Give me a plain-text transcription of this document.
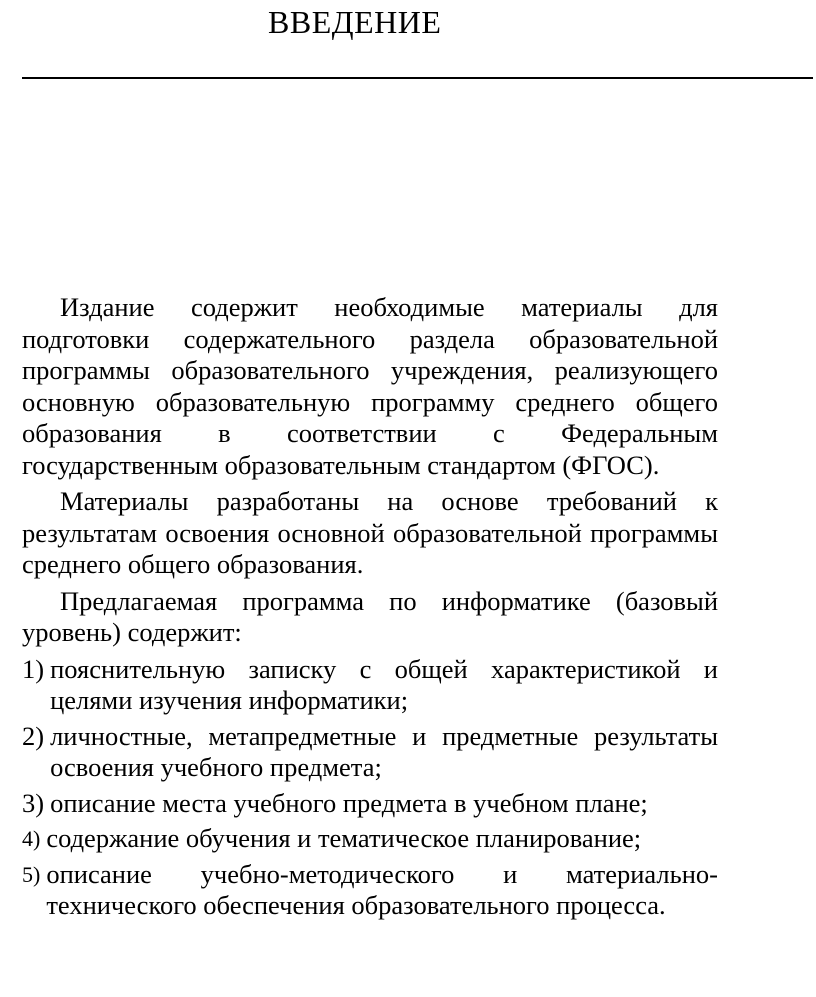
ВВЕДЕНИЕ

Издание содержит необходимые материалы для подготовки содержательного раздела образовательной программы образовательного учреждения, реализующего основную образовательную программу среднего общего образования в соответствии с Федеральным государственным образовательным стандартом (ФГОС).

Материалы разработаны на основе требований к результатам освоения основной образовательной программы среднего общего образования.

Предлагаемая программа по информатике (базовый уровень) содержит:

1) пояснительную записку с общей характеристикой и целями изучения информатики;
2) личностные, метапредметные и предметные результаты освоения учебного предмета;
3) описание места учебного предмета в учебном плане;
4) содержание обучения и тематическое планирование;
5) описание учебно-методического и материально-технического обеспечения образовательного процесса.
